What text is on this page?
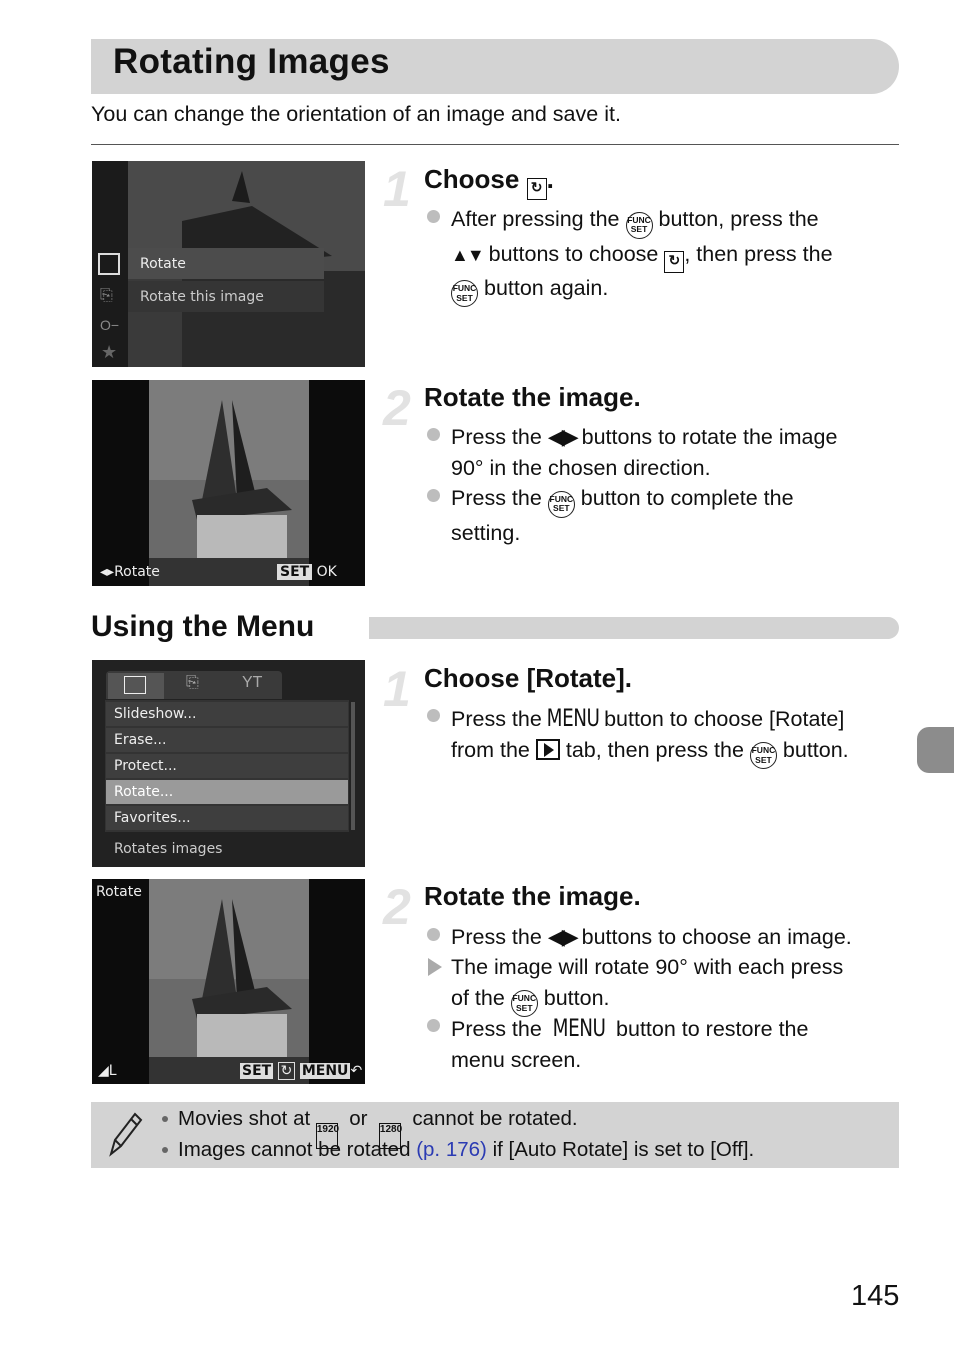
Rotating Images
You can change the orientation of an image and save it.
⎘
O−
★
Rotate
Rotate this image
1 Choose ↻ .
After pressing the FUNC
SET button, press the
▲▼ buttons to choose ↻ , then press the
FUNC
SET button again.
◂▸Rotate	SET OK
2 Rotate the image.
Press the ◀▶ buttons to rotate the image
90° in the chosen direction.
Press the FUNC
SET button to complete the
setting.
Using the Menu
⎘	YT
Slideshow...
Erase...
Protect...
Rotate...
Favorites...
Rotates images
1 Choose [Rotate].
Press the MENU button to choose [Rotate]
from the tab, then press the FUNC
SET button.
Rotate
◢L	SET ↻ MENU ↶
2 Rotate the image.
Press the ◀▶ buttons to choose an image.
The image will rotate 90° with each press
of the FUNC
SET button.
Press the MENU button to restore the
menu screen.
Movies shot at 1920 or 1280 cannot be rotated.
Images cannot be rotated (p. 176) if [Auto Rotate] is set to [Off].
145
